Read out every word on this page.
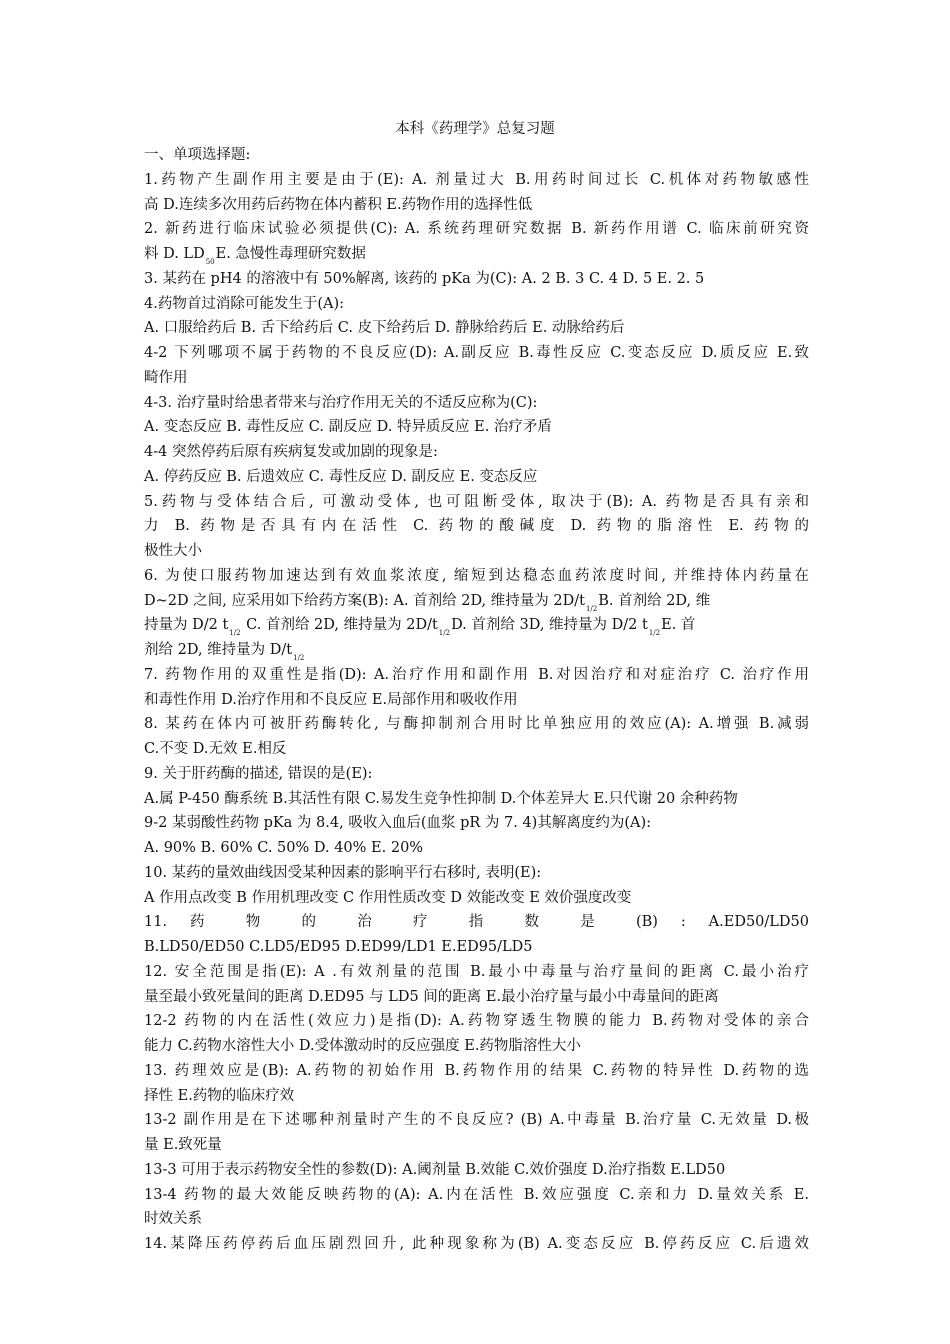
本科《药理学》总复习题
一、单项选择题:
1.药物产生副作用主要是由于(E): A. 剂量过大 B.用药时间过长 C.机体对药物敏感性
高 D.连续多次用药后药物在体内蓄积 E.药物作用的选择性低
2. 新药进行临床试验必须提供(C): A. 系统药理研究数据 B. 新药作用谱 C. 临床前研究资
料 D. $LD_{50}E$. 急慢性毒理研究数据
3. 某药在 pH4 的溶液中有 50%解离, 该药的 pKa 为(C): A. 2 B. 3 C. 4 D. 5 E. 2. 5
4.药物首过消除可能发生于(A):
A. 口服给药后 B. 舌下给药后 C. 皮下给药后 D. 静脉给药后 E. 动脉给药后
4-2 下列哪项不属于药物的不良反应(D): A.副反应 B.毒性反应 C.变态反应 D.质反应 E.致
畸作用
4-3. 治疗量时给患者带来与治疗作用无关的不适反应称为(C):
A. 变态反应 B. 毒性反应 C. 副反应 D. 特异质反应 E. 治疗矛盾
4-4 突然停药后原有疾病复发或加剧的现象是:
A. 停药反应 B. 后遗效应 C. 毒性反应 D. 副反应 E. 变态反应
5.药物与受体结合后, 可激动受体, 也可阻断受体, 取决于(B): A. 药物是否具有亲和
力 B. 药物是否具有内在活性 C. 药物的酸碱度 D. 药物的脂溶性 E. 药物的
极性大小
6. 为使口服药物加速达到有效血浆浓度, 缩短到达稳态血药浓度时间, 并维持体内药量在
D~2D 之间, 应采用如下给药方案(B): A. 首剂给 2D, 维持量为 $2D/t_{1/2}B$. 首剂给 2D, 维
持量为 D/2 $t_{1/2}$ C. 首剂给 2D, 维持量为 $2D/t_{1/2}D$. 首剂给 3D, 维持量为 D/2 $t_{1/2}E$. 首
剂给 2D, 维持量为 $D/t_{1/2}$
7. 药物作用的双重性是指(D): A.治疗作用和副作用 B.对因治疗和对症治疗 C. 治疗作用
和毒性作用 D.治疗作用和不良反应 E.局部作用和吸收作用
8. 某药在体内可被肝药酶转化, 与酶抑制剂合用时比单独应用的效应(A): A.增强 B.减弱
C.不变 D.无效 E.相反
9. 关于肝药酶的描述, 错误的是(E):
A.属 P-450 酶系统 B.其活性有限 C.易发生竞争性抑制 D.个体差异大 E.只代谢 20 余种药物
9-2 某弱酸性药物 pKa 为 8.4, 吸收入血后(血浆 pR 为 7. 4)其解离度约为(A):
A. 90% B. 60% C. 50% D. 40% E. 20%
10. 某药的量效曲线因受某种因素的影响平行右移时, 表明(E):
A 作用点改变 B 作用机理改变 C 作用性质改变 D 效能改变 E 效价强度改变
11. 药 物 的 治 疗 指 数 是 (B) : A.ED50/LD50
B.LD50/ED50 C.LD5/ED95 D.ED99/LD1 E.ED95/LD5
12. 安全范围是指(E): A .有效剂量的范围 B.最小中毒量与治疗量间的距离 C.最小治疗
量至最小致死量间的距离 D.ED95 与 LD5 间的距离 E.最小治疗量与最小中毒量间的距离
12-2 药物的内在活性(效应力)是指(D): A.药物穿透生物膜的能力 B.药物对受体的亲合
能力 C.药物水溶性大小 D.受体激动时的反应强度 E.药物脂溶性大小
13. 药理效应是(B): A.药物的初始作用 B.药物作用的结果 C.药物的特异性 D.药物的选
择性 E.药物的临床疗效
13-2 副作用是在下述哪种剂量时产生的不良反应? (B) A.中毒量 B.治疗量 C.无效量 D.极
量 E.致死量
13-3 可用于表示药物安全性的参数(D): A.阈剂量 B.效能 C.效价强度 D.治疗指数 E.LD50
13-4 药物的最大效能反映药物的(A): A.内在活性 B.效应强度 C.亲和力 D.量效关系 E.
时效关系
14.某降压药停药后血压剧烈回升, 此种现象称为(B) A.变态反应 B.停药反应 C.后遗效
